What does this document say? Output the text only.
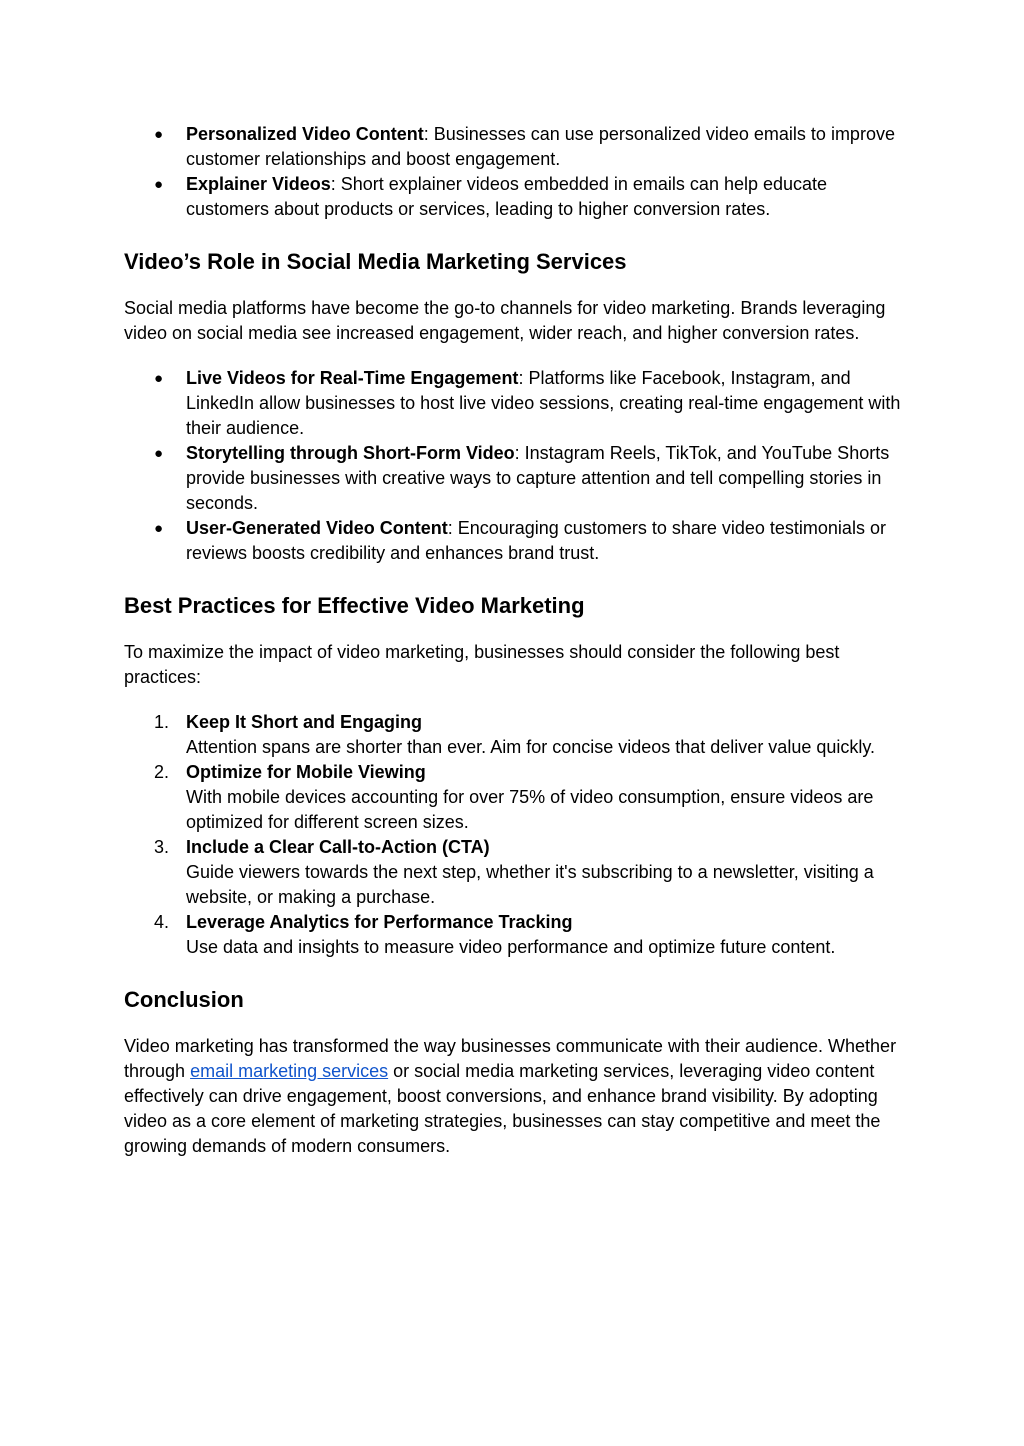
● Personalized Video Content: Businesses can use personalized video emails to improve customer relationships and boost engagement.
● Explainer Videos: Short explainer videos embedded in emails can help educate customers about products or services, leading to higher conversion rates.
Video’s Role in Social Media Marketing Services

Social media platforms have become the go-to channels for video marketing. Brands leveraging video on social media see increased engagement, wider reach, and higher conversion rates.

● Live Videos for Real-Time Engagement: Platforms like Facebook, Instagram, and LinkedIn allow businesses to host live video sessions, creating real-time engagement with their audience.
● Storytelling through Short-Form Video: Instagram Reels, TikTok, and YouTube Shorts provide businesses with creative ways to capture attention and tell compelling stories in seconds.
● User-Generated Video Content: Encouraging customers to share video testimonials or reviews boosts credibility and enhances brand trust.
Best Practices for Effective Video Marketing

To maximize the impact of video marketing, businesses should consider the following best practices:

1. Keep It Short and Engaging
Attention spans are shorter than ever. Aim for concise videos that deliver value quickly.
2. Optimize for Mobile Viewing
With mobile devices accounting for over 75% of video consumption, ensure videos are optimized for different screen sizes.
3. Include a Clear Call-to-Action (CTA)
Guide viewers towards the next step, whether it's subscribing to a newsletter, visiting a website, or making a purchase.
4. Leverage Analytics for Performance Tracking
Use data and insights to measure video performance and optimize future content.
Conclusion

Video marketing has transformed the way businesses communicate with their audience. Whether through email marketing services or social media marketing services, leveraging video content effectively can drive engagement, boost conversions, and enhance brand visibility. By adopting video as a core element of marketing strategies, businesses can stay competitive and meet the growing demands of modern consumers.
